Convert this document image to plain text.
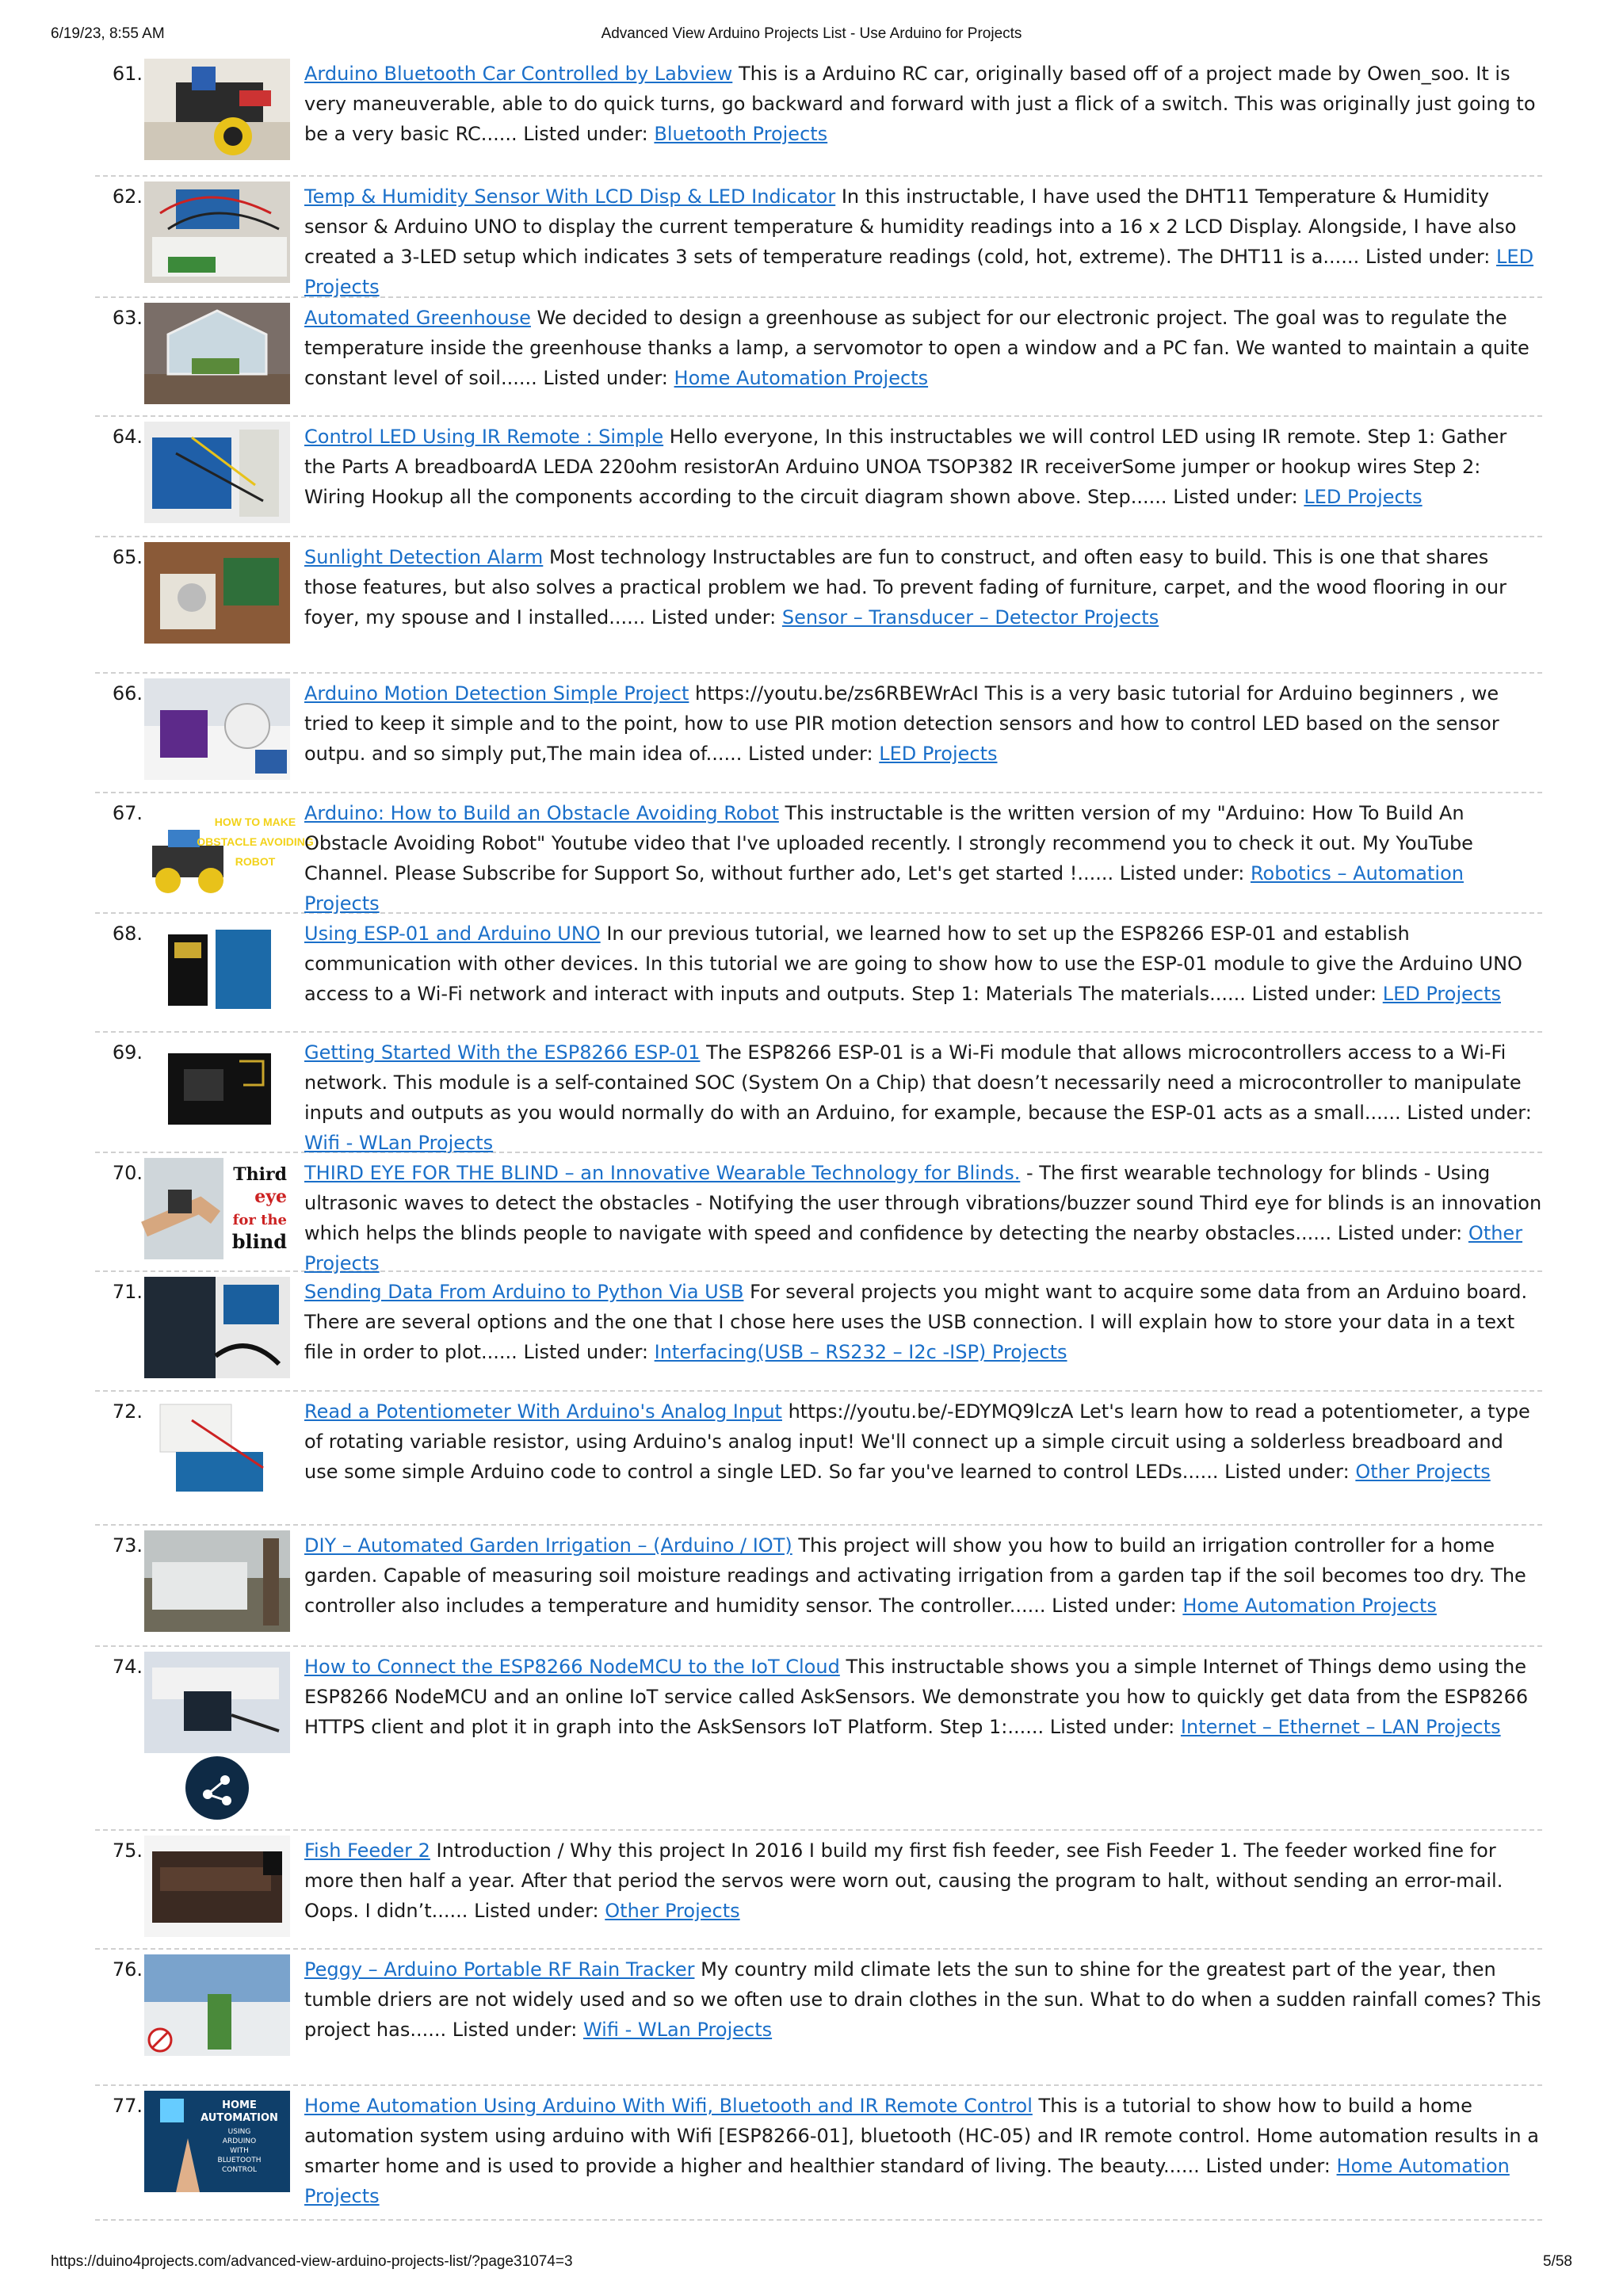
6/19/23, 8:55 AM	Advanced View Arduino Projects List - Use Arduino for Projects
61.	Arduino Bluetooth Car Controlled by Labview This is a Arduino RC car, originally based off of a project made by Owen_soo. It is very maneuverable, able to do quick turns, go backward and forward with just a flick of a switch. This was originally just going to be a very basic RC...... Listed under: Bluetooth Projects
62.	Temp & Humidity Sensor With LCD Disp & LED Indicator In this instructable, I have used the DHT11 Temperature & Humidity sensor & Arduino UNO to display the current temperature & humidity readings into a 16 x 2 LCD Display. Alongside, I have also created a 3-LED setup which indicates 3 sets of temperature readings (cold, hot, extreme). The DHT11 is a...... Listed under: LED Projects
63.	Automated Greenhouse We decided to design a greenhouse as subject for our electronic project. The goal was to regulate the temperature inside the greenhouse thanks a lamp, a servomotor to open a window and a PC fan. We wanted to maintain a quite constant level of soil...... Listed under: Home Automation Projects
64.	Control LED Using IR Remote : Simple Hello everyone, In this instructables we will control LED using IR remote. Step 1: Gather the Parts A breadboardA LEDA 220ohm resistorAn Arduino UNOA TSOP382 IR receiverSome jumper or hookup wires Step 2: Wiring Hookup all the components according to the circuit diagram shown above. Step...... Listed under: LED Projects
65.	Sunlight Detection Alarm Most technology Instructables are fun to construct, and often easy to build. This is one that shares those features, but also solves a practical problem we had. To prevent fading of furniture, carpet, and the wood flooring in our foyer, my spouse and I installed...... Listed under: Sensor – Transducer – Detector Projects
66.	Arduino Motion Detection Simple Project https://youtu.be/zs6RBEWrAcI This is a very basic tutorial for Arduino beginners , we tried to keep it simple and to the point, how to use PIR motion detection sensors and how to control LED based on the sensor outpu. and so simply put,The main idea of...... Listed under: LED Projects
67.	HOW TO MAKE
OBSTACLE AVOIDING
ROBOT
Arduino: How to Build an Obstacle Avoiding Robot This instructable is the written version of my "Arduino: How To Build An Obstacle Avoiding Robot" Youtube video that I've uploaded recently. I strongly recommend you to check it out. My YouTube Channel. Please Subscribe for Support So, without further ado, Let's get started !...... Listed under: Robotics – Automation Projects
68.	Using ESP-01 and Arduino UNO In our previous tutorial, we learned how to set up the ESP8266 ESP-01 and establish communication with other devices. In this tutorial we are going to show how to use the ESP-01 module to give the Arduino UNO access to a Wi-Fi network and interact with inputs and outputs. Step 1: Materials The materials...... Listed under: LED Projects
69.	Getting Started With the ESP8266 ESP-01 The ESP8266 ESP-01 is a Wi-Fi module that allows microcontrollers access to a Wi-Fi network. This module is a self-contained SOC (System On a Chip) that doesn’t necessarily need a microcontroller to manipulate inputs and outputs as you would normally do with an Arduino, for example, because the ESP-01 acts as a small...... Listed under: Wifi - WLan Projects
70.	Third
eye
for the
blind
THIRD EYE FOR THE BLIND – an Innovative Wearable Technology for Blinds. - The first wearable technology for blinds - Using ultrasonic waves to detect the obstacles - Notifying the user through vibrations/buzzer sound Third eye for blinds is an innovation which helps the blinds people to navigate with speed and confidence by detecting the nearby obstacles...... Listed under: Other Projects
71.	Sending Data From Arduino to Python Via USB For several projects you might want to acquire some data from an Arduino board. There are several options and the one that I chose here uses the USB connection. I will explain how to store your data in a text file in order to plot...... Listed under: Interfacing(USB – RS232 – I2c -ISP) Projects
72.	Read a Potentiometer With Arduino's Analog Input https://youtu.be/-EDYMQ9lczA Let's learn how to read a potentiometer, a type of rotating variable resistor, using Arduino's analog input! We'll connect up a simple circuit using a solderless breadboard and use some simple Arduino code to control a single LED. So far you've learned to control LEDs...... Listed under: Other Projects
73.	DIY – Automated Garden Irrigation – (Arduino / IOT) This project will show you how to build an irrigation controller for a home garden. Capable of measuring soil moisture readings and activating irrigation from a garden tap if the soil becomes too dry. The controller also includes a temperature and humidity sensor. The controller...... Listed under: Home Automation Projects
74.	How to Connect the ESP8266 NodeMCU to the IoT Cloud This instructable shows you a simple Internet of Things demo using the ESP8266 NodeMCU and an online IoT service called AskSensors. We demonstrate you how to quickly get data from the ESP8266 HTTPS client and plot it in graph into the AskSensors IoT Platform. Step 1:...... Listed under: Internet – Ethernet – LAN Projects
75.	Fish Feeder 2 Introduction / Why this project In 2016 I build my first fish feeder, see Fish Feeder 1. The feeder worked fine for more then half a year. After that period the servos were worn out, causing the program to halt, without sending an error-mail. Oops. I didn’t...... Listed under: Other Projects
76.	Peggy – Arduino Portable RF Rain Tracker My country mild climate lets the sun to shine for the greatest part of the year, then tumble driers are not widely used and so we often use to drain clothes in the sun. What to do when a sudden rainfall comes? This project has...... Listed under: Wifi - WLan Projects
77.	HOME
AUTOMATION
USING
ARDUINO
WITH
BLUETOOTH
CONTROL
Home Automation Using Arduino With Wifi, Bluetooth and IR Remote Control This is a tutorial to show how to build a home automation system using arduino with Wifi [ESP8266-01], bluetooth (HC-05) and IR remote control. Home automation results in a smarter home and is used to provide a higher and healthier standard of living. The beauty...... Listed under: Home Automation Projects
https://duino4projects.com/advanced-view-arduino-projects-list/?page31074=3	5/58
